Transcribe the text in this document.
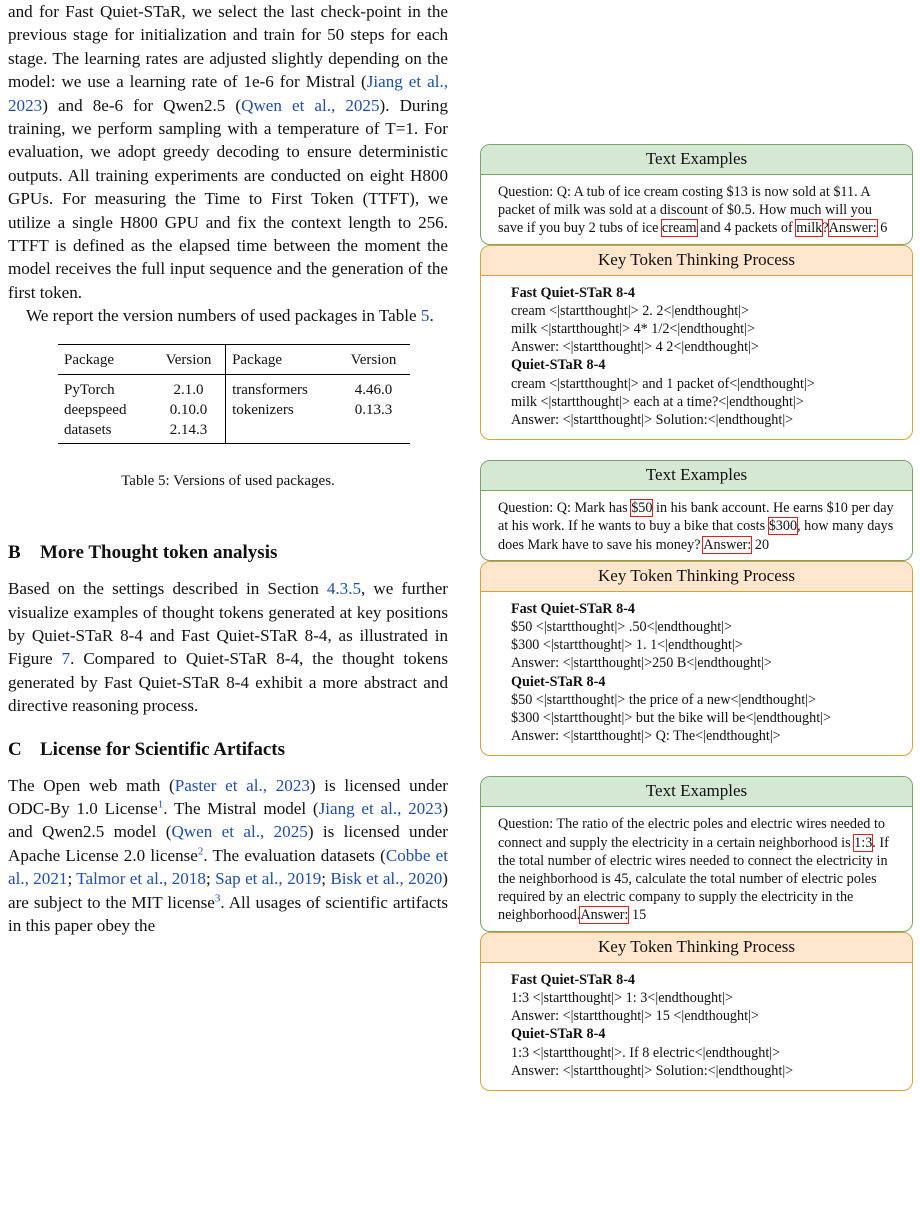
and for Fast Quiet-STaR, we select the last check-point in the previous stage for initialization and train for 50 steps for each stage. The learning rates are adjusted slightly depending on the model: we use a learning rate of 1e-6 for Mistral (Jiang et al., 2023) and 8e-6 for Qwen2.5 (Qwen et al., 2025). During training, we perform sampling with a temperature of T=1. For evaluation, we adopt greedy decoding to ensure deterministic outputs. All training experiments are conducted on eight H800 GPUs. For measuring the Time to First Token (TTFT), we utilize a single H800 GPU and fix the context length to 256. TTFT is defined as the elapsed time between the moment the model receives the full input sequence and the generation of the first token.

We report the version numbers of used packages in Table 5.

Package	Version	Package	Version
PyTorch	2.1.0	transformers	4.46.0
deepspeed	0.10.0	tokenizers	0.13.3
datasets	2.14.3		
Table 5: Versions of used packages.
B More Thought token analysis

Based on the settings described in Section 4.3.5, we further visualize examples of thought tokens generated at key positions by Quiet-STaR 8-4 and Fast Quiet-STaR 8-4, as illustrated in Figure 7. Compared to Quiet-STaR 8-4, the thought tokens generated by Fast Quiet-STaR 8-4 exhibit a more abstract and directive reasoning process.

C License for Scientific Artifacts

The Open web math (Paster et al., 2023) is licensed under ODC-By 1.0 License$^1$. The Mistral model (Jiang et al., 2023) and Qwen2.5 model (Qwen et al., 2025) is licensed under Apache License 2.0 license$^2$. The evaluation datasets (Cobbe et al., 2021; Talmor et al., 2018; Sap et al., 2019; Bisk et al., 2020) are subject to the MIT license$^3$. All usages of scientific artifacts in this paper obey the

Text Examples
Question: Q: A tub of ice cream costing $13 is now sold at $11. A packet of milk was sold at a discount of $0.5. How much will you save if you buy 2 tubs of ice cream and 4 packets of milk?Answer: 6
Key Token Thinking Process
Fast Quiet-STaR 8-4
cream <|startthought|> 2. 2<|endthought|>
milk <|startthought|> 4* 1/2<|endthought|>
Answer: <|startthought|> 4 2<|endthought|>
Quiet-STaR 8-4
cream <|startthought|> and 1 packet of<|endthought|>
milk <|startthought|> each at a time?<|endthought|>
Answer: <|startthought|> Solution:<|endthought|>
Text Examples
Question: Q: Mark has $50 in his bank account. He earns $10 per day at his work. If he wants to buy a bike that costs $300, how many days does Mark have to save his money? Answer: 20
Key Token Thinking Process
Fast Quiet-STaR 8-4
$50 <|startthought|> .50<|endthought|>
$300 <|startthought|> 1. 1<|endthought|>
Answer: <|startthought|>250 B<|endthought|>
Quiet-STaR 8-4
$50 <|startthought|> the price of a new<|endthought|>
$300 <|startthought|> but the bike will be<|endthought|>
Answer: <|startthought|> Q: The<|endthought|>
Text Examples
Question: The ratio of the electric poles and electric wires needed to connect and supply the electricity in a certain neighborhood is 1:3. If the total number of electric wires needed to connect the electricity in the neighborhood is 45, calculate the total number of electric poles required by an electric company to supply the electricity in the neighborhood.Answer: 15
Key Token Thinking Process
Fast Quiet-STaR 8-4
1:3 <|startthought|> 1: 3<|endthought|>
Answer: <|startthought|> 15 <|endthought|>
Quiet-STaR 8-4
1:3 <|startthought|>. If 8 electric<|endthought|>
Answer: <|startthought|> Solution:<|endthought|>
